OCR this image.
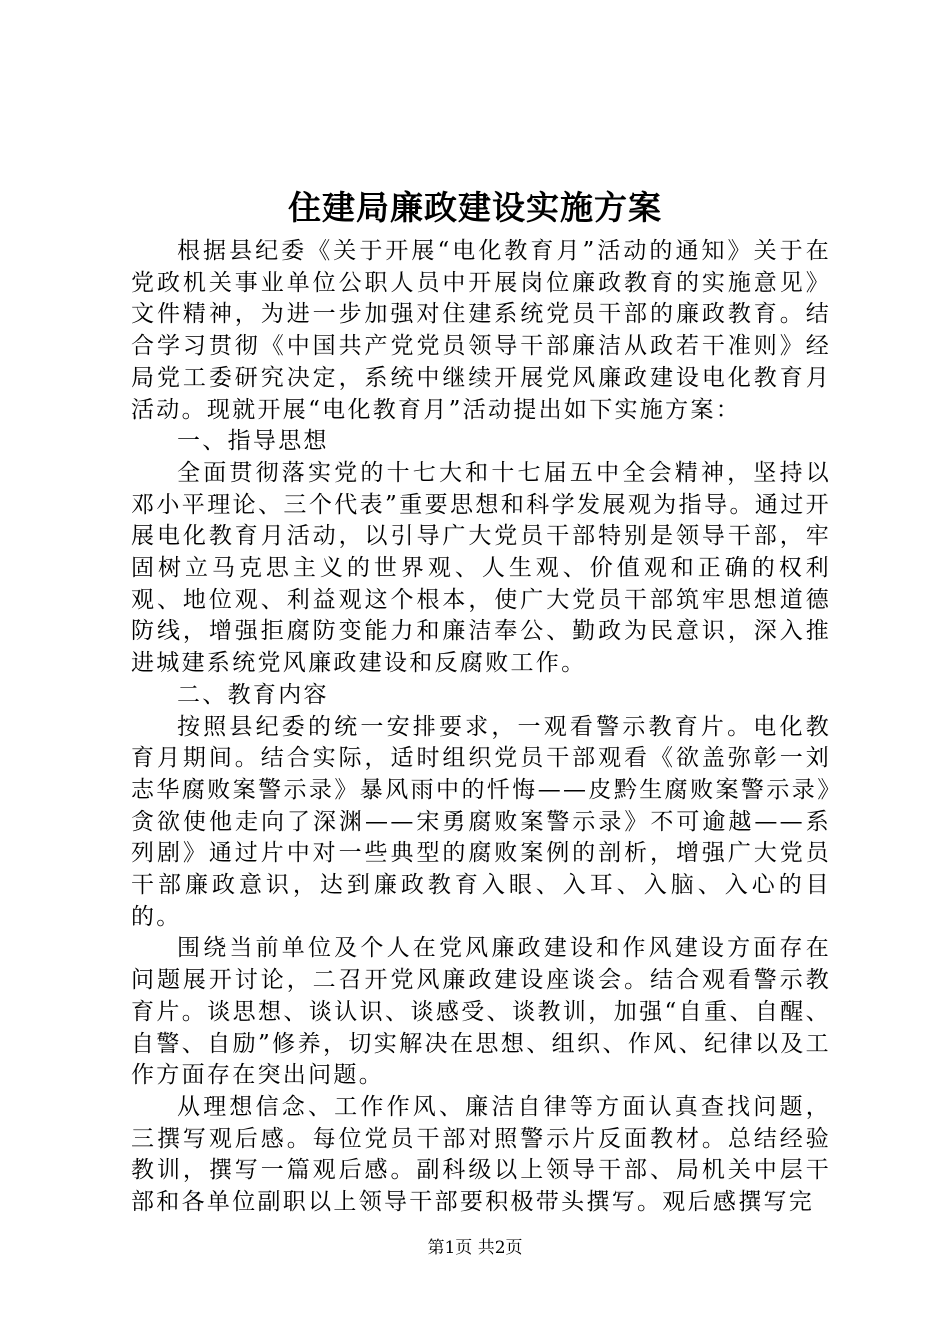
住建局廉政建设实施方案

根据县纪委《关于开展“电化教育月”活动的通知》关于在党政机关事业单位公职人员中开展岗位廉政教育的实施意见》文件精神，为进一步加强对住建系统党员干部的廉政教育。结合学习贯彻《中国共产党党员领导干部廉洁从政若干准则》经局党工委研究决定，系统中继续开展党风廉政建设电化教育月活动。现就开展“电化教育月”活动提出如下实施方案：

一、指导思想

全面贯彻落实党的十七大和十七届五中全会精神，坚持以邓小平理论、三个代表”重要思想和科学发展观为指导。通过开展电化教育月活动，以引导广大党员干部特别是领导干部，牢固树立马克思主义的世界观、人生观、价值观和正确的权利观、地位观、利益观这个根本，使广大党员干部筑牢思想道德防线，增强拒腐防变能力和廉洁奉公、勤政为民意识，深入推进城建系统党风廉政建设和反腐败工作。

二、教育内容

按照县纪委的统一安排要求，一观看警示教育片。电化教育月期间。结合实际，适时组织党员干部观看《欲盖弥彰一刘志华腐败案警示录》暴风雨中的忏悔——皮黔生腐败案警示录》贪欲使他走向了深渊——宋勇腐败案警示录》不可逾越——系列剧》通过片中对一些典型的腐败案例的剖析，增强广大党员干部廉政意识，达到廉政教育入眼、入耳、入脑、入心的目的。

围绕当前单位及个人在党风廉政建设和作风建设方面存在问题展开讨论，二召开党风廉政建设座谈会。结合观看警示教育片。谈思想、谈认识、谈感受、谈教训，加强“自重、自醒、自警、自励”修养，切实解决在思想、组织、作风、纪律以及工作方面存在突出问题。

从理想信念、工作作风、廉洁自律等方面认真查找问题，三撰写观后感。每位党员干部对照警示片反面教材。总结经验教训，撰写一篇观后感。副科级以上领导干部、局机关中层干部和各单位副职以上领导干部要积极带头撰写。观后感撰写完

第1页 共2页
